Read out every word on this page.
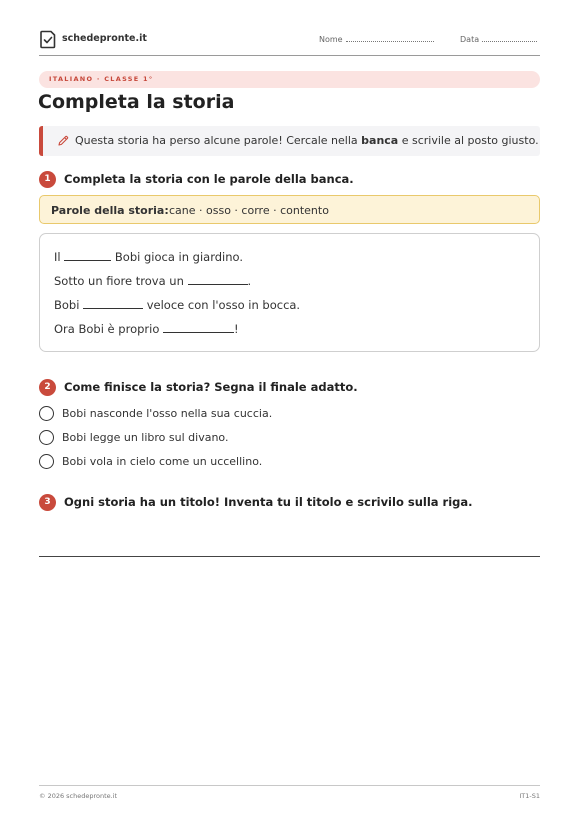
schedepronte.it	Nome	Data
ITALIANO · CLASSE 1°
Completa la storia
Questa storia ha perso alcune parole! Cercale nella banca e scrivile al posto giusto.
1	Completa la storia con le parole della banca.
Parole della storia: cane · osso · corre · contento
Il	Bobi gioca in giardino.
Sotto un fiore trova un	.
Bobi	veloce con l'osso in bocca.
Ora Bobi è proprio	!
2	Come finisce la storia? Segna il finale adatto.
Bobi nasconde l'osso nella sua cuccia.
Bobi legge un libro sul divano.
Bobi vola in cielo come un uccellino.
3	Ogni storia ha un titolo! Inventa tu il titolo e scrivilo sulla riga.
© 2026 schedepronte.it	IT1-S1
